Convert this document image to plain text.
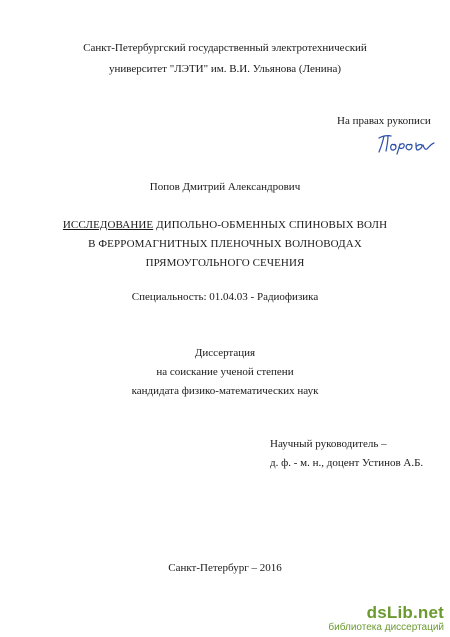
Санкт-Петербургский государственный электротехнический
университет "ЛЭТИ" им. В.И. Ульянова (Ленина)
На правах рукописи
Попов Дмитрий Александрович
ИССЛЕДОВАНИЕ ДИПОЛЬНО-ОБМЕННЫХ СПИНОВЫХ ВОЛН
В ФЕРРОМАГНИТНЫХ ПЛЕНОЧНЫХ ВОЛНОВОДАХ
ПРЯМОУГОЛЬНОГО СЕЧЕНИЯ
Специальность: 01.04.03 - Радиофизика
Диссертация
на соискание ученой степени
кандидата физико-математических наук
Научный руководитель –
д. ф. - м. н., доцент Устинов А.Б.
Санкт-Петербург – 2016
dsLib.net
библиотека диссертаций
